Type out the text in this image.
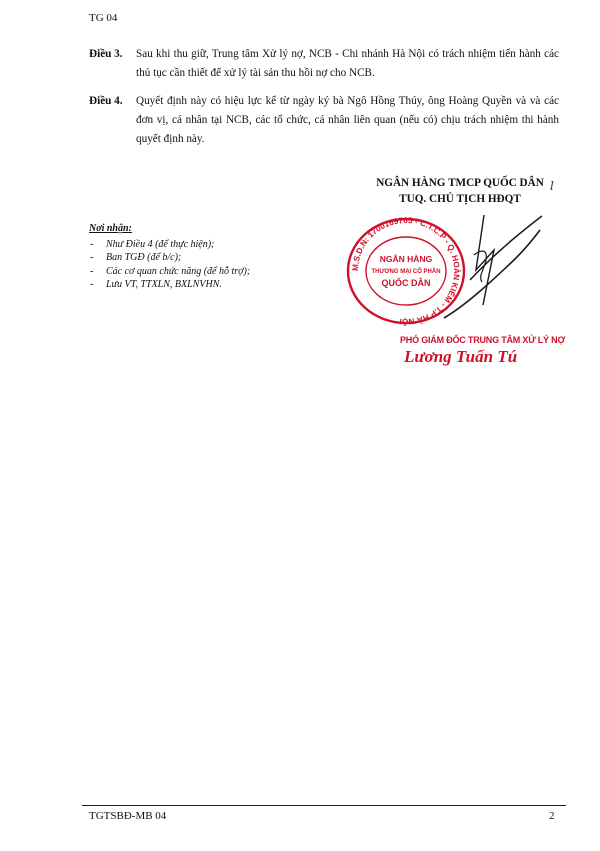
TG 04
Điều 3. Sau khi thu giữ, Trung tâm Xử lý nợ, NCB - Chi nhánh Hà Nội có trách nhiệm tiến hành các thủ tục cần thiết để xử lý tài sản thu hồi nợ cho NCB.
Điều 4. Quyết định này có hiệu lực kể từ ngày ký bà Ngô Hồng Thúy, ông Hoàng Quyền và và các đơn vị, cá nhân tại NCB, các tổ chức, cá nhân liên quan (nếu có) chịu trách nhiệm thi hành quyết định này.
NGÂN HÀNG TMCP QUỐC DÂN
TUQ. CHỦ TỊCH HĐQT
ⅼ
Nơi nhận:
- Như Điều 4 (để thực hiện);
- Ban TGĐ (để b/c);
- Các cơ quan chức năng (để hỗ trợ);
- Lưu VT, TTXLN, BXLNVHN.
M.S.D.N: 1700169765 - C.T.C.P - Q. HOÀN KIẾM - T.P HÀ NỘI
NGÂN HÀNG
THƯƠNG MẠI CỔ PHẦN
QUỐC DÂN
PHÓ GIÁM ĐỐC TRUNG TÂM XỬ LÝ NỢ
Lương Tuấn Tú
TGTSBĐ-MB 04	2
